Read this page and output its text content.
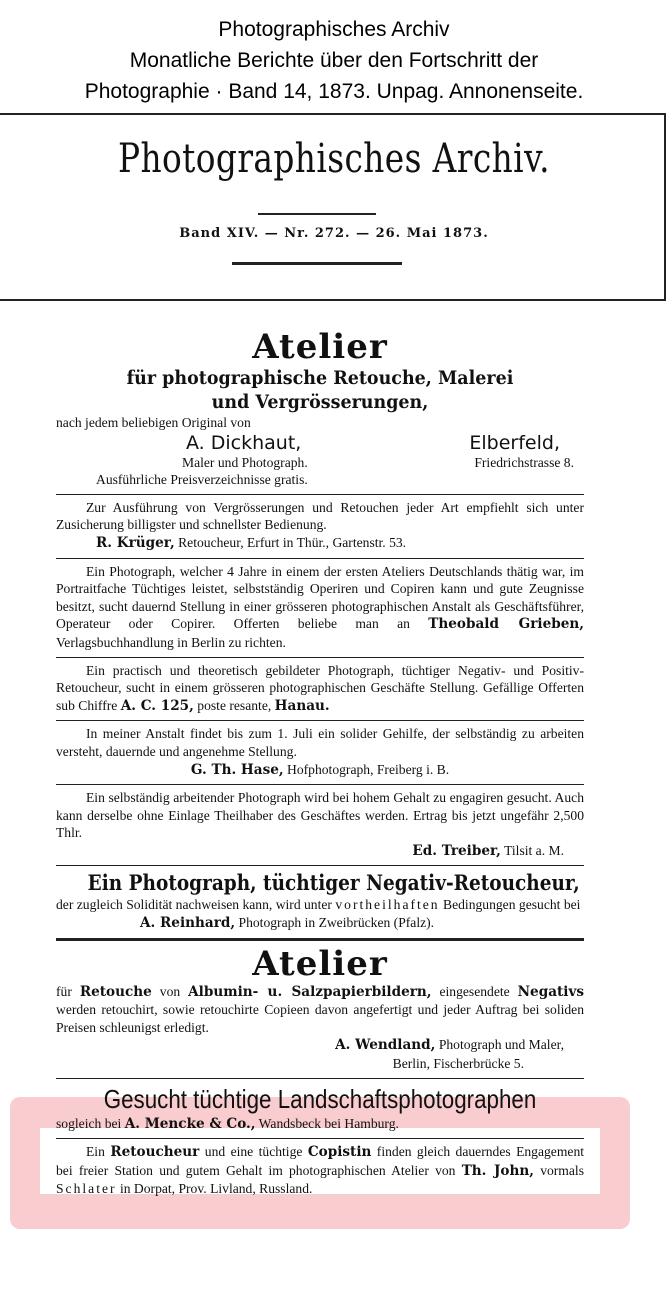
Photographisches Archiv
Monatliche Berichte über den Fortschritt der
Photographie · Band 14, 1873. Unpag. Annonenseite.
Photographisches Archiv.
Band XIV. — Nr. 272. — 26. Mai 1873.
Atelier
für photographische Retouche, Malerei
und Vergrösserungen,
nach jedem beliebigen Original von
A. Dickhaut,	Elberfeld,
Maler und Photograph.	Friedrichstrasse 8.
Ausführliche Preisverzeichnisse gratis.
Zur Ausführung von Vergrösserungen und Retouchen jeder Art empfiehlt sich unter Zusicherung billigster und schnellster Bedienung.
R. Krüger, Retoucheur, Erfurt in Thür., Gartenstr. 53.
Ein Photograph, welcher 4 Jahre in einem der ersten Ateliers Deutschlands thätig war, im Portraitfache Tüchtiges leistet, selbstständig Operiren und Copiren kann und gute Zeugnisse besitzt, sucht dauernd Stellung in einer grösseren photographischen Anstalt als Geschäftsführer, Operateur oder Copirer. Offerten beliebe man an Theobald Grieben, Verlagsbuchhandlung in Berlin zu richten.
Ein practisch und theoretisch gebildeter Photograph, tüchtiger Negativ- und Positiv-Retoucheur, sucht in einem grösseren photographischen Geschäfte Stellung. Gefällige Offerten sub Chiffre A. C. 125, poste resante, Hanau.
In meiner Anstalt findet bis zum 1. Juli ein solider Gehilfe, der selbständig zu arbeiten versteht, dauernde und angenehme Stellung.
G. Th. Hase, Hofphotograph, Freiberg i. B.
Ein selbständig arbeitender Photograph wird bei hohem Gehalt zu engagiren gesucht. Auch kann derselbe ohne Einlage Theilhaber des Geschäftes werden. Ertrag bis jetzt ungefähr 2,500 Thlr.
Ed. Treiber, Tilsit a. M.
Ein Photograph, tüchtiger Negativ-Retoucheur,
der zugleich Solidität nachweisen kann, wird unter vortheilhaften Bedingungen gesucht bei
A. Reinhard, Photograph in Zweibrücken (Pfalz).
Atelier
für Retouche von Albumin- u. Salzpapierbildern, eingesendete Negativs werden retouchirt, sowie retouchirte Copieen davon angefertigt und jeder Auftrag bei soliden Preisen schleunigst erledigt.
A. Wendland, Photograph und Maler,
Berlin, Fischerbrücke 5.
Gesucht tüchtige Landschaftsphotographen
sogleich bei A. Mencke & Co., Wandsbeck bei Hamburg.
Ein Retoucheur und eine tüchtige Copistin finden gleich dauerndes Engagement bei freier Station und gutem Gehalt im photographischen Atelier von Th. John, vormals Schlater in Dorpat, Prov. Livland, Russland.
